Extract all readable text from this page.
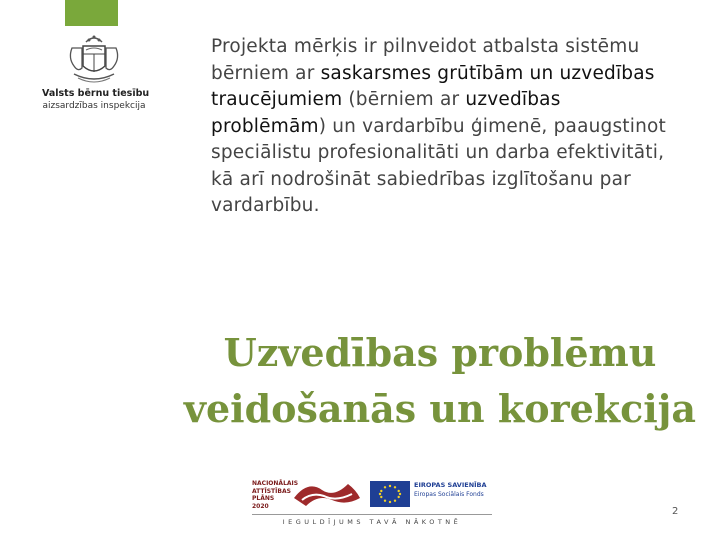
Valsts bērnu tiesību
aizsardzības inspekcija
Projekta mērķis ir pilnveidot atbalsta sistēmu bērniem ar saskarsmes grūtībām un uzvedības traucējumiem (bērniem ar uzvedības problēmām) un vardarbību ģimenē, paaugstinot speciālistu profesionalitāti un darba efektivitāti, kā arī nodrošināt sabiedrības izglītošanu par vardarbību.
Uzvedības problēmu
veidošanās un korekcija
NACIONĀLAIS ATTĪSTĪBAS PLĀNS 2020
EIROPAS SAVIENĪBA
Eiropas Sociālais Fonds
IEGULDĪJUMS TAVĀ NĀKOTNĒ
2
